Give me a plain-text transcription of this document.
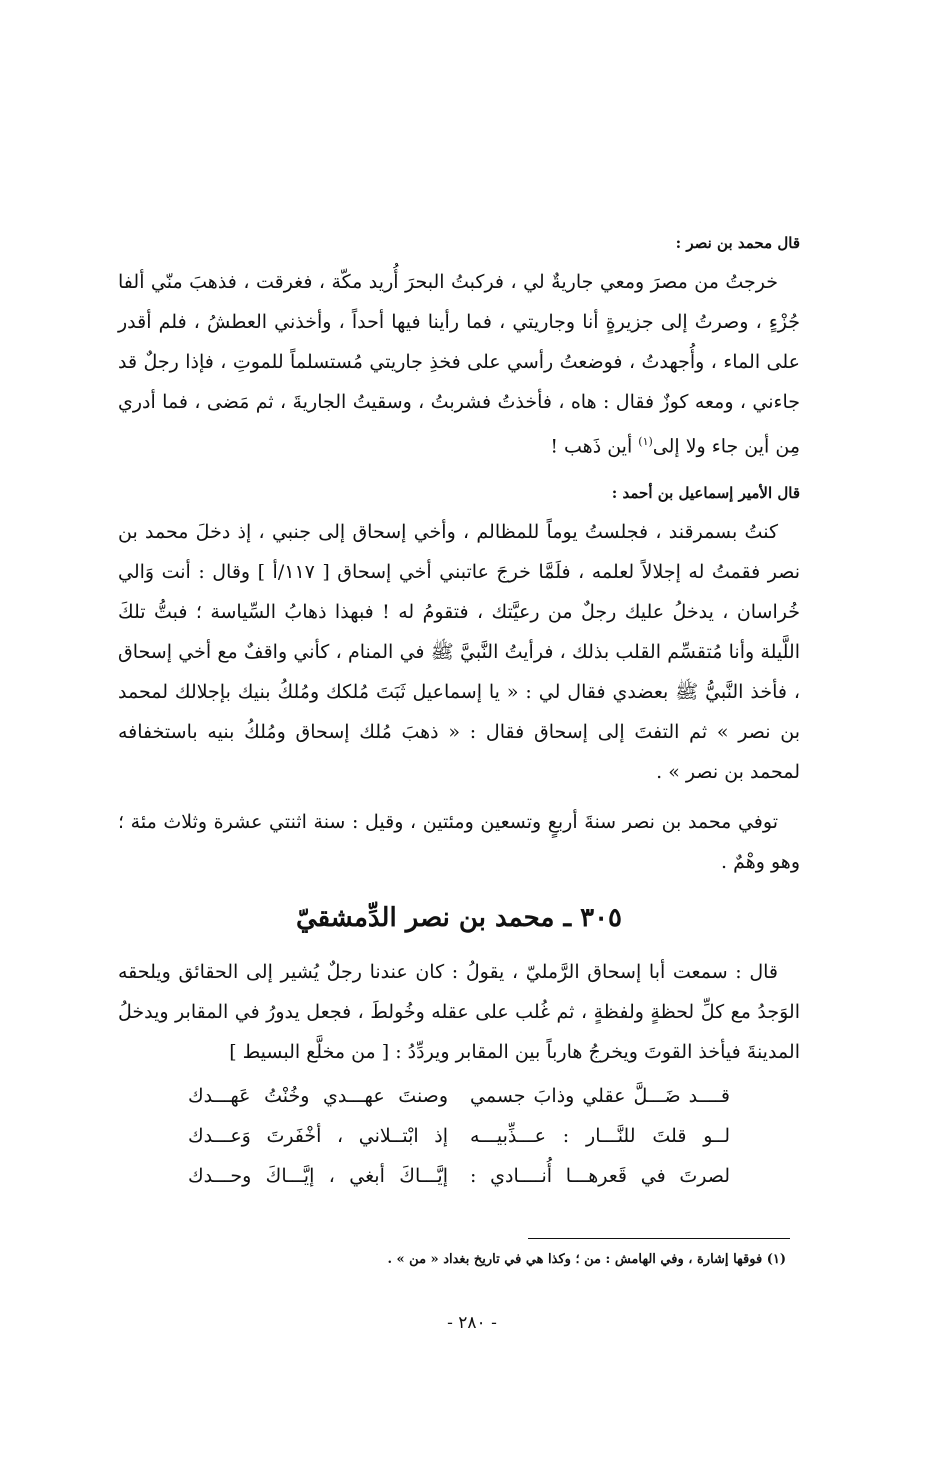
قال محمد بن نصر :

خرجتُ من مصرَ ومعي جاريةٌ لي ، فركبتُ البحرَ أُريد مكّة ، فغرقت ، فذهبَ منّي ألفا جُزْءٍ ، وصرتُ إلى جزيرةٍ أنا وجاريتي ، فما رأينا فيها أحداً ، وأخذني العطشُ ، فلم أقدر على الماء ، وأُجهدتُ ، فوضعتُ رأسي على فخذِ جاريتي مُستسلماً للموتِ ، فإذا رجلٌ قد جاءني ، ومعه كوزٌ فقال : هاه ، فأخذتُ فشربتُ ، وسقيتُ الجاريةَ ، ثم مَضى ، فما أدري مِن أين جاء ولا إلى$^{(١)}$ أين ذَهب !

قال الأمير إسماعيل بن أحمد :

كنتُ بسمرقند ، فجلستُ يوماً للمظالم ، وأخي إسحاق إلى جنبي ، إذ دخلَ محمد بن نصر فقمتُ له إجلالاً لعلمه ، فلَمَّا خرجَ عاتبني أخي إسحاق [ ١١٧/أ ] وقال : أنت وَالي خُراسان ، يدخلُ عليك رجلٌ من رعيَّتك ، فتقومُ له ! فبهذا ذهابُ السِّياسة ؛ فبتُّ تلكَ اللَّيلة وأنا مُتقسِّم القلب بذلك ، فرأيتُ النَّبيَّ ﷺ في المنام ، كأني واقفٌ مع أخي إسحاق ، فأخذ النَّبيُّ ﷺ بعضدي فقال لي : « يا إسماعيل ثَبَتَ مُلكك ومُلكُ بنيك بإجلالك لمحمد بن نصر » ثم التفتَ إلى إسحاق فقال : « ذهبَ مُلك إسحاق ومُلكُ بنيه باستخفافه لمحمد بن نصر » .

توفي محمد بن نصر سنةَ أربعٍ وتسعين ومئتين ، وقيل : سنة اثنتي عشرة وثلاث مئة ؛ وهو وهْمٌ .

٣٠٥ ـ محمد بن نصر الدِّمشقيّ

قال : سمعت أبا إسحاق الرَّمليّ ، يقولُ : كان عندنا رجلٌ يُشير إلى الحقائق ويلحقه الوَجدُ مع كلِّ لحظةٍ ولفظةٍ ، ثم غُلب على عقله وخُولطَ ، فجعل يدورُ في المقابر ويدخلُ المدينةَ فيأخذ القوتَ ويخرجُ هارباً بين المقابر ويردِّدُ : [ من مخلَّع البسيط ]

قــــد ضَـــلَّ عقلي وذابَ جسمي
وصنتَ عهـــدي وخُنْتُ عَهـــدك
لــو قلتَ للنَّـــار : عـــذِّبيـــه
إذ ابْتــلاني ، أخْفَرتَ وَعـــدك
لصرتَ في قَعرهـــا أُنــــادي :
إيَّـــاكَ أبغي ، إيَّـــاكَ وحـــدك
(١) فوقها إشارة ، وفي الهامش : من ؛ وكذا هي في تاريخ بغداد « من » .
- ٢٨٠ -
